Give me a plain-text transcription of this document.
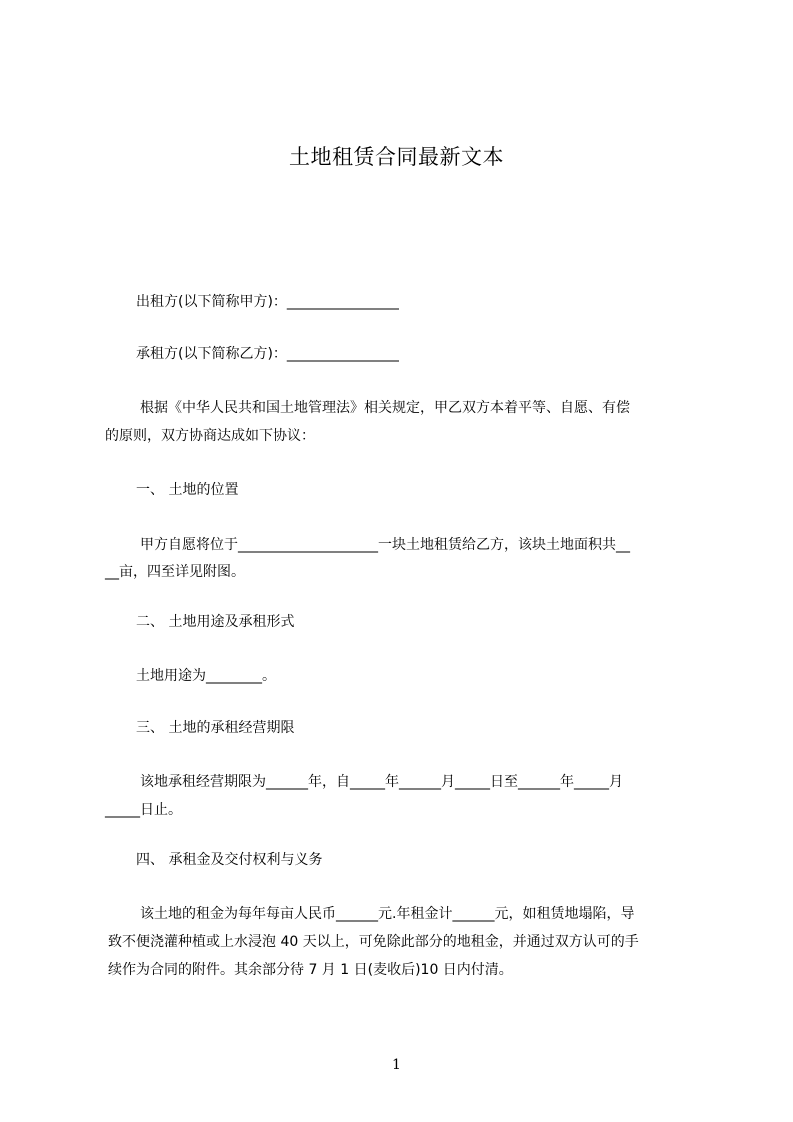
土地租赁合同最新文本

出租方(以下简称甲方)：________________

承租方(以下简称乙方)：________________

根据《中华人民共和国土地管理法》相关规定，甲乙双方本着平等、自愿、有偿

的原则，双方协商达成如下协议：

一、 土地的位置

甲方自愿将位于____________________一块土地租赁给乙方，该块土地面积共__

__亩，四至详见附图。

二、 土地用途及承租形式

土地用途为________。

三、 土地的承租经营期限

该地承租经营期限为______年，自_____年______月_____日至______年_____月

_____日止。

四、 承租金及交付权利与义务

该土地的租金为每年每亩人民币______元.年租金计______元，如租赁地塌陷，导

致不便浇灌种植或上水浸泡 40 天以上，可免除此部分的地租金，并通过双方认可的手

续作为合同的附件。其余部分待 7 月 1 日(麦收后)10 日内付清。

1
